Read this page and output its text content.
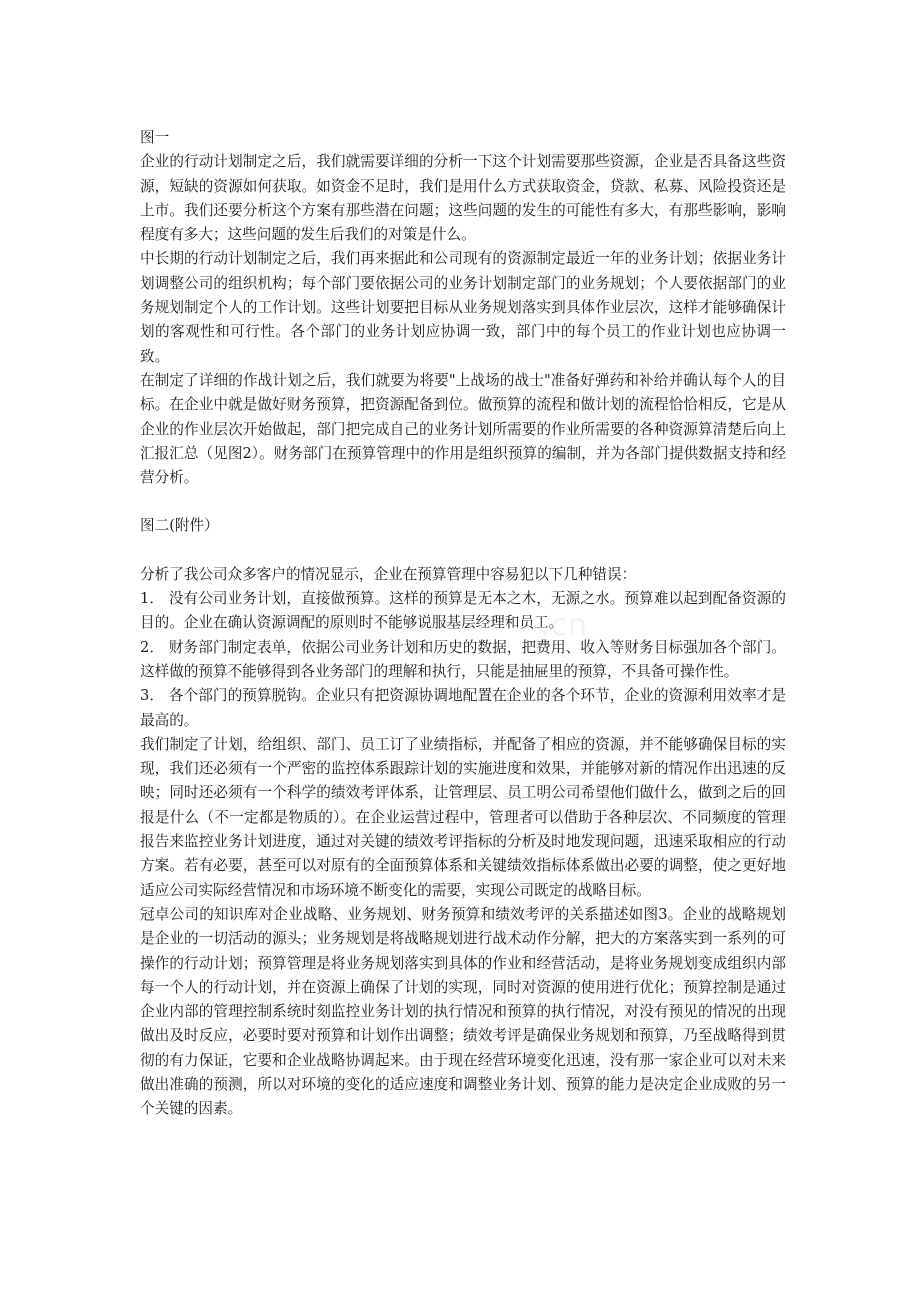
图一

企业的行动计划制定之后，我们就需要详细的分析一下这个计划需要那些资源，企业是否具备这些资源，短缺的资源如何获取。如资金不足时，我们是用什么方式获取资金，贷款、私募、风险投资还是上市。我们还要分析这个方案有那些潜在问题；这些问题的发生的可能性有多大，有那些影响，影响程度有多大；这些问题的发生后我们的对策是什么。

中长期的行动计划制定之后，我们再来据此和公司现有的资源制定最近一年的业务计划；依据业务计划调整公司的组织机构；每个部门要依据公司的业务计划制定部门的业务规划；个人要依据部门的业务规划制定个人的工作计划。这些计划要把目标从业务规划落实到具体作业层次，这样才能够确保计划的客观性和可行性。各个部门的业务计划应协调一致，部门中的每个员工的作业计划也应协调一致。

在制定了详细的作战计划之后，我们就要为将要"上战场的战士"准备好弹药和补给并确认每个人的目标。在企业中就是做好财务预算，把资源配备到位。做预算的流程和做计划的流程恰恰相反，它是从企业的作业层次开始做起，部门把完成自己的业务计划所需要的作业所需要的各种资源算清楚后向上汇报汇总（见图2）。财务部门在预算管理中的作用是组织预算的编制，并为各部门提供数据支持和经营分析。

图二(附件）

分析了我公司众多客户的情况显示，企业在预算管理中容易犯以下几种错误：

1． 没有公司业务计划，直接做预算。这样的预算是无本之木，无源之水。预算难以起到配备资源的目的。企业在确认资源调配的原则时不能够说服基层经理和员工。

2． 财务部门制定表单，依据公司业务计划和历史的数据，把费用、收入等财务目标强加各个部门。这样做的预算不能够得到各业务部门的理解和执行，只能是抽屉里的预算，不具备可操作性。

3． 各个部门的预算脱钩。企业只有把资源协调地配置在企业的各个环节，企业的资源利用效率才是最高的。

我们制定了计划，给组织、部门、员工订了业绩指标，并配备了相应的资源，并不能够确保目标的实现，我们还必须有一个严密的监控体系跟踪计划的实施进度和效果，并能够对新的情况作出迅速的反映；同时还必须有一个科学的绩效考评体系，让管理层、员工明公司希望他们做什么，做到之后的回报是什么（不一定都是物质的）。在企业运营过程中，管理者可以借助于各种层次、不同频度的管理报告来监控业务计划进度，通过对关键的绩效考评指标的分析及时地发现问题，迅速采取相应的行动方案。若有必要，甚至可以对原有的全面预算体系和关键绩效指标体系做出必要的调整，使之更好地适应公司实际经营情况和市场环境不断变化的需要，实现公司既定的战略目标。

冠卓公司的知识库对企业战略、业务规划、财务预算和绩效考评的关系描述如图3。企业的战略规划是企业的一切活动的源头；业务规划是将战略规划进行战术动作分解，把大的方案落实到一系列的可操作的行动计划；预算管理是将业务规划落实到具体的作业和经营活动，是将业务规划变成组织内部每一个人的行动计划，并在资源上确保了计划的实现，同时对资源的使用进行优化；预算控制是通过企业内部的管理控制系统时刻监控业务计划的执行情况和预算的执行情况，对没有预见的情况的出现做出及时反应，必要时要对预算和计划作出调整；绩效考评是确保业务规划和预算，乃至战略得到贯彻的有力保证，它要和企业战略协调起来。由于现在经营环境变化迅速，没有那一家企业可以对未来做出准确的预测，所以对环境的变化的适应速度和调整业务计划、预算的能力是决定企业成败的另一个关键的因素。

.cn
